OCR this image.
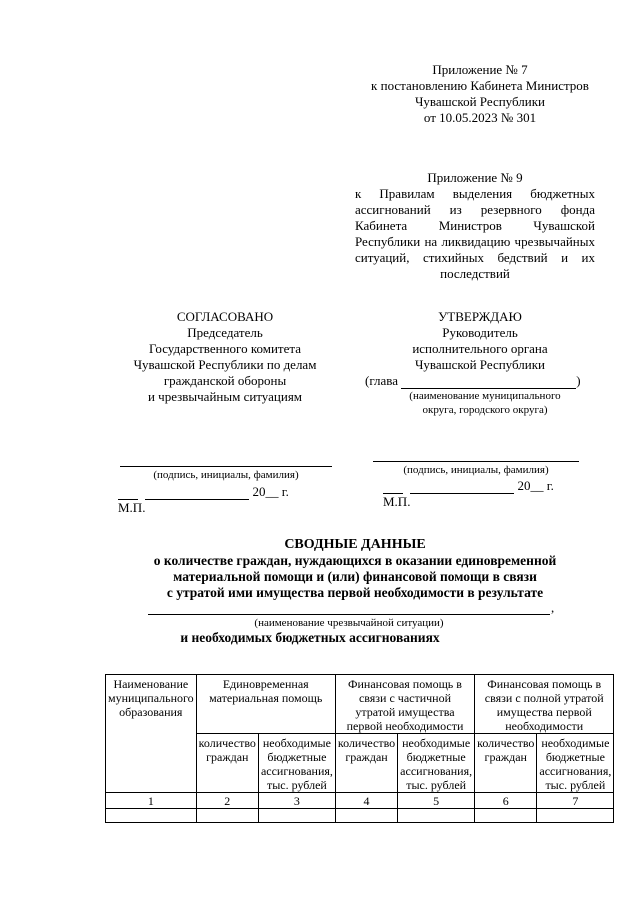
Приложение № 7
к постановлению Кабинета Министров
Чувашской Республики
от 10.05.2023 № 301
Приложение № 9
к Правилам выделения бюджетных ассигнований из резервного фонда Кабинета Министров Чувашской Республики на ликвидацию чрезвычайных ситуаций, стихийных бедствий и их последствий
СОГЛАСОВАНО
Председатель
Государственного комитета
Чувашской Республики по делам
гражданской обороны
и чрезвычайным ситуациям
УТВЕРЖДАЮ
Руководитель
исполнительного органа
Чувашской Республики
(глава	)
(наименование муниципального
округа, городского округа)
(подпись, инициалы, фамилия)
20__ г.
М.П.
(подпись, инициалы, фамилия)
20__ г.
М.П.
СВОДНЫЕ ДАННЫЕ
о количестве граждан, нуждающихся в оказании единовременной
материальной помощи и (или) финансовой помощи в связи
с утратой ими имущества первой необходимости в результате
,
(наименование чрезвычайной ситуации)
и необходимых бюджетных ассигнованиях
Наименование муниципального образования	Единовременная материальная помощь		Финансовая помощь в связи с частичной утратой имущества первой необходимости		Финансовая помощь в связи с полной утратой имущества первой необходимости	
	количество граждан	необходимые бюджетные ассигнования, тыс. рублей	количество граждан	необходимые бюджетные ассигнования, тыс. рублей	количество граждан	необходимые бюджетные ассигнования, тыс. рублей
1	2	3	4	5	6	7
